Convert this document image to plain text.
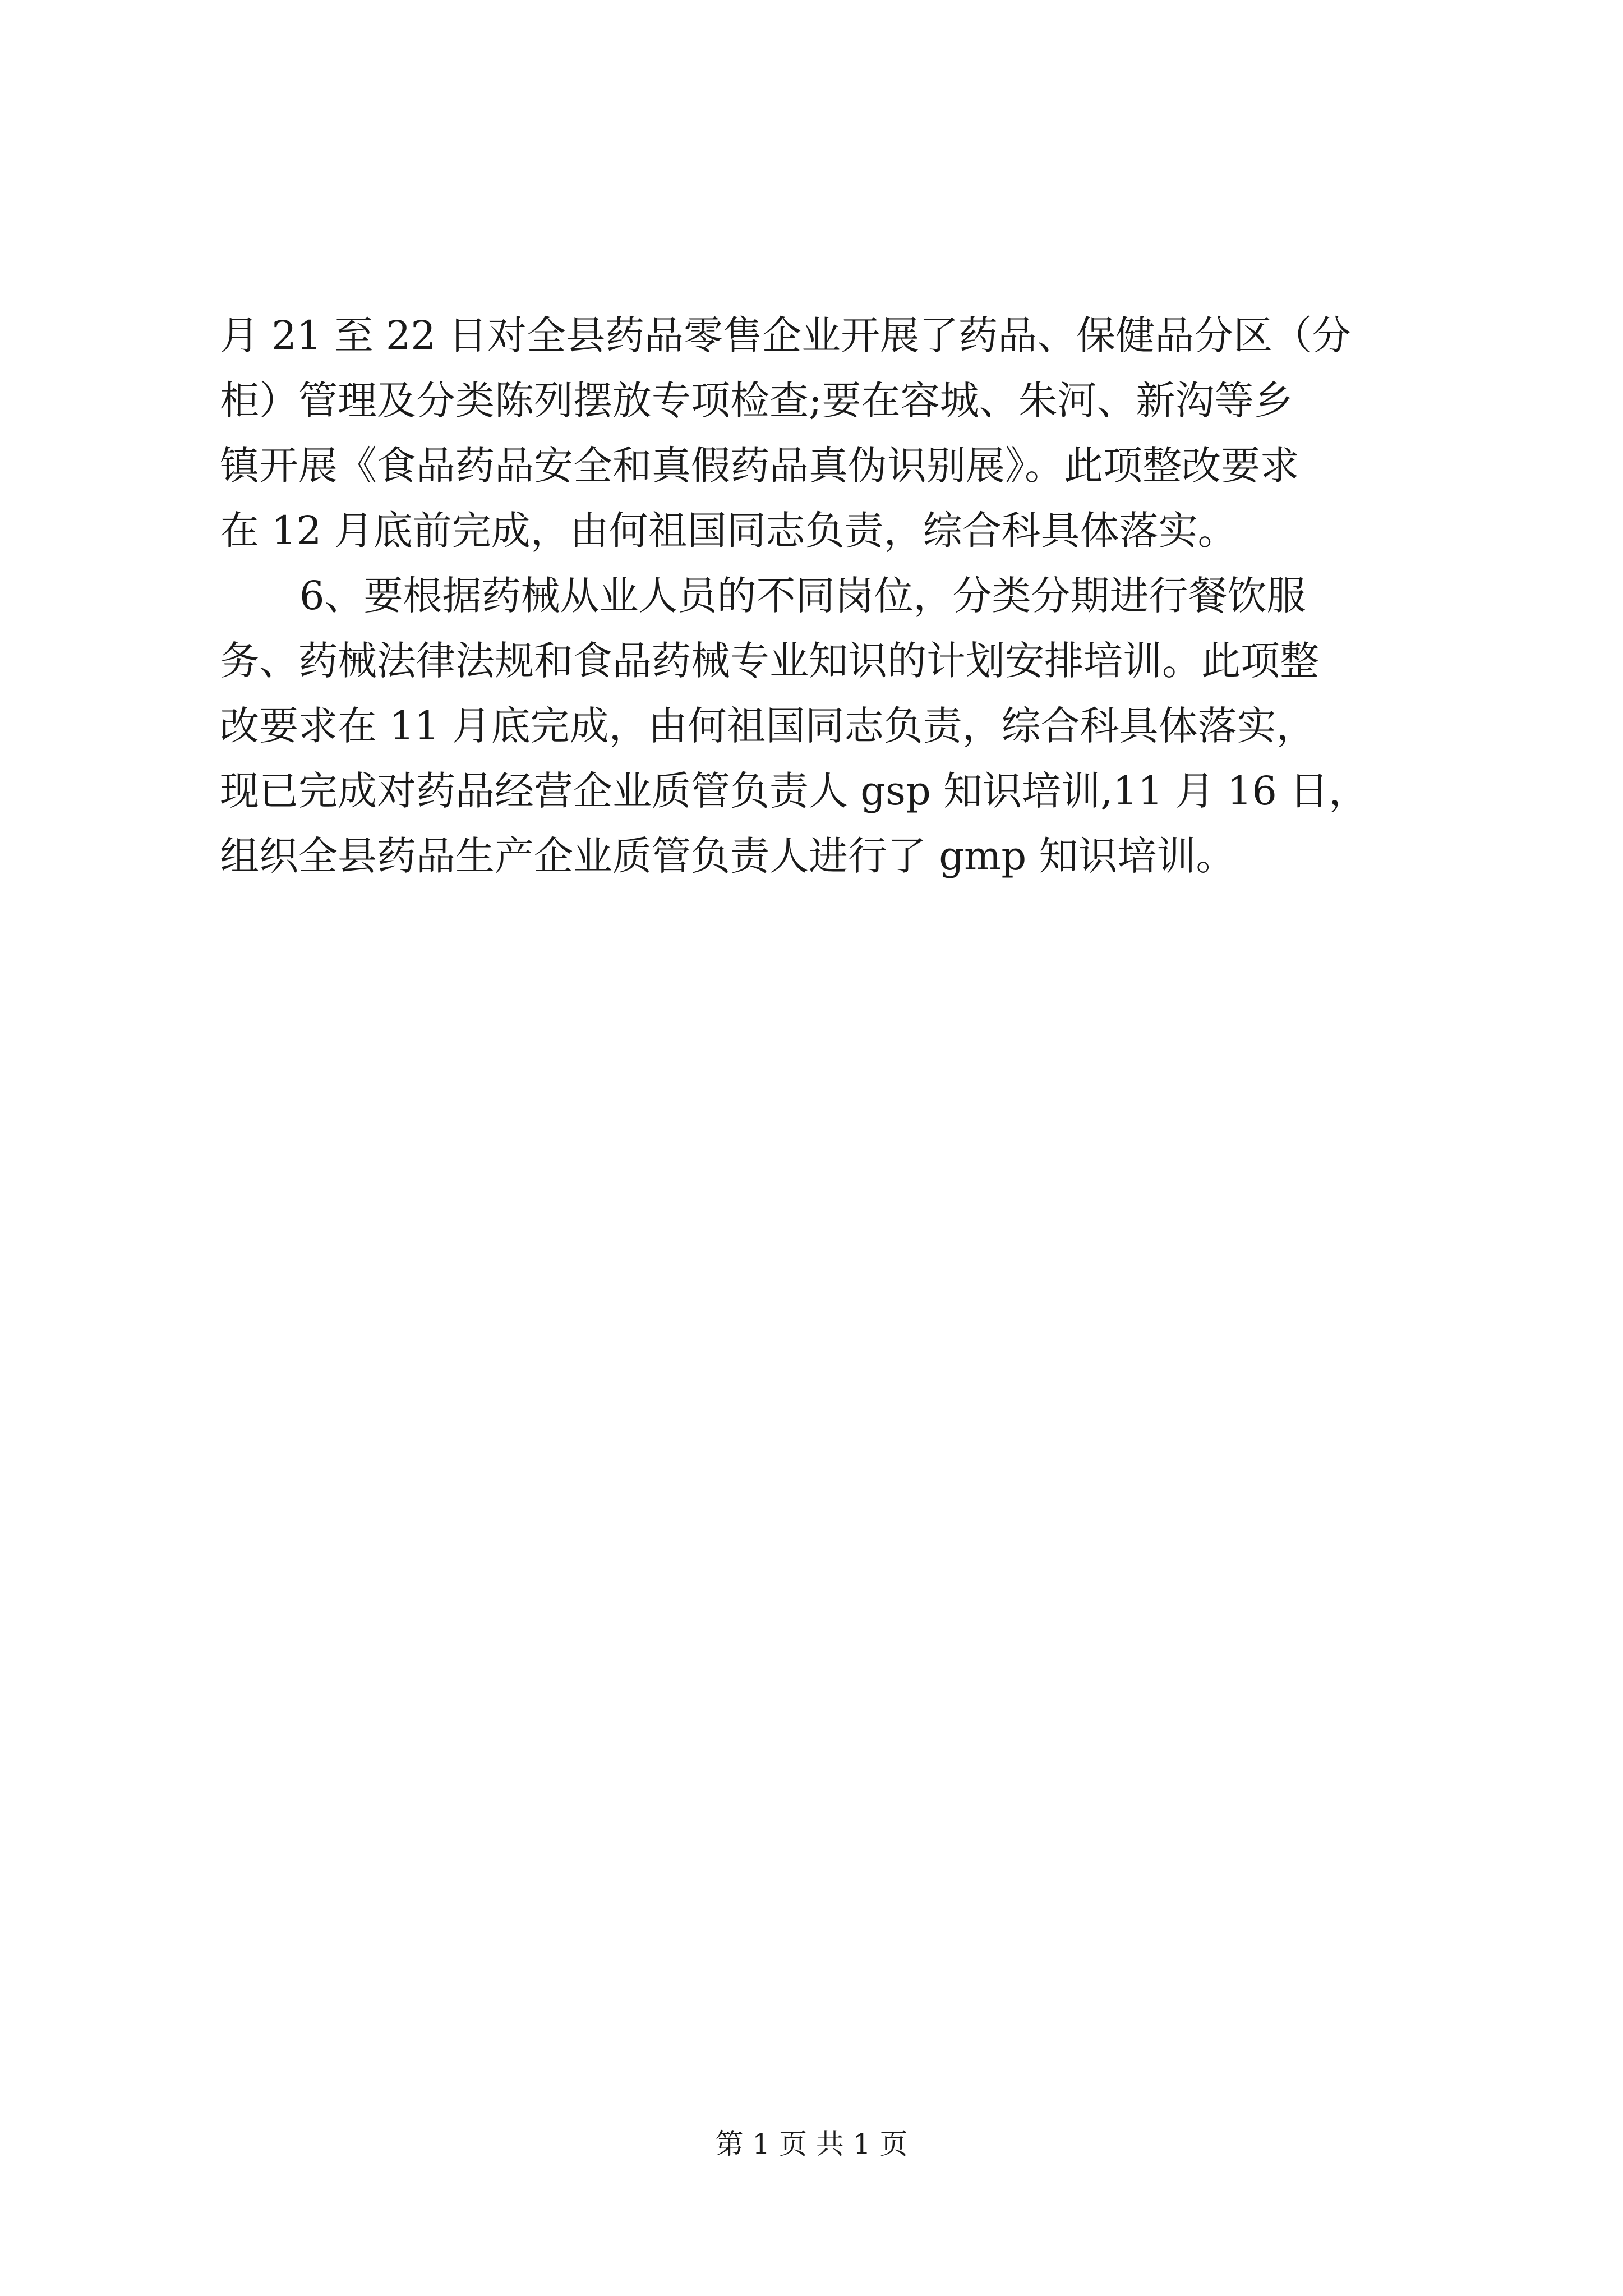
月 21 至 22 日对全县药品零售企业开展了药品、保健品分区（分
柜）管理及分类陈列摆放专项检查;要在容城、朱河、新沟等乡
镇开展《食品药品安全和真假药品真伪识别展》。此项整改要求
在 12 月底前完成，由何祖国同志负责，综合科具体落实。
6、要根据药械从业人员的不同岗位，分类分期进行餐饮服
务、药械法律法规和食品药械专业知识的计划安排培训。此项整
改要求在 11 月底完成，由何祖国同志负责，综合科具体落实，
现已完成对药品经营企业质管负责人 gsp 知识培训,11 月 16 日，
组织全县药品生产企业质管负责人进行了 gmp 知识培训。
第 1 页 共 1 页
